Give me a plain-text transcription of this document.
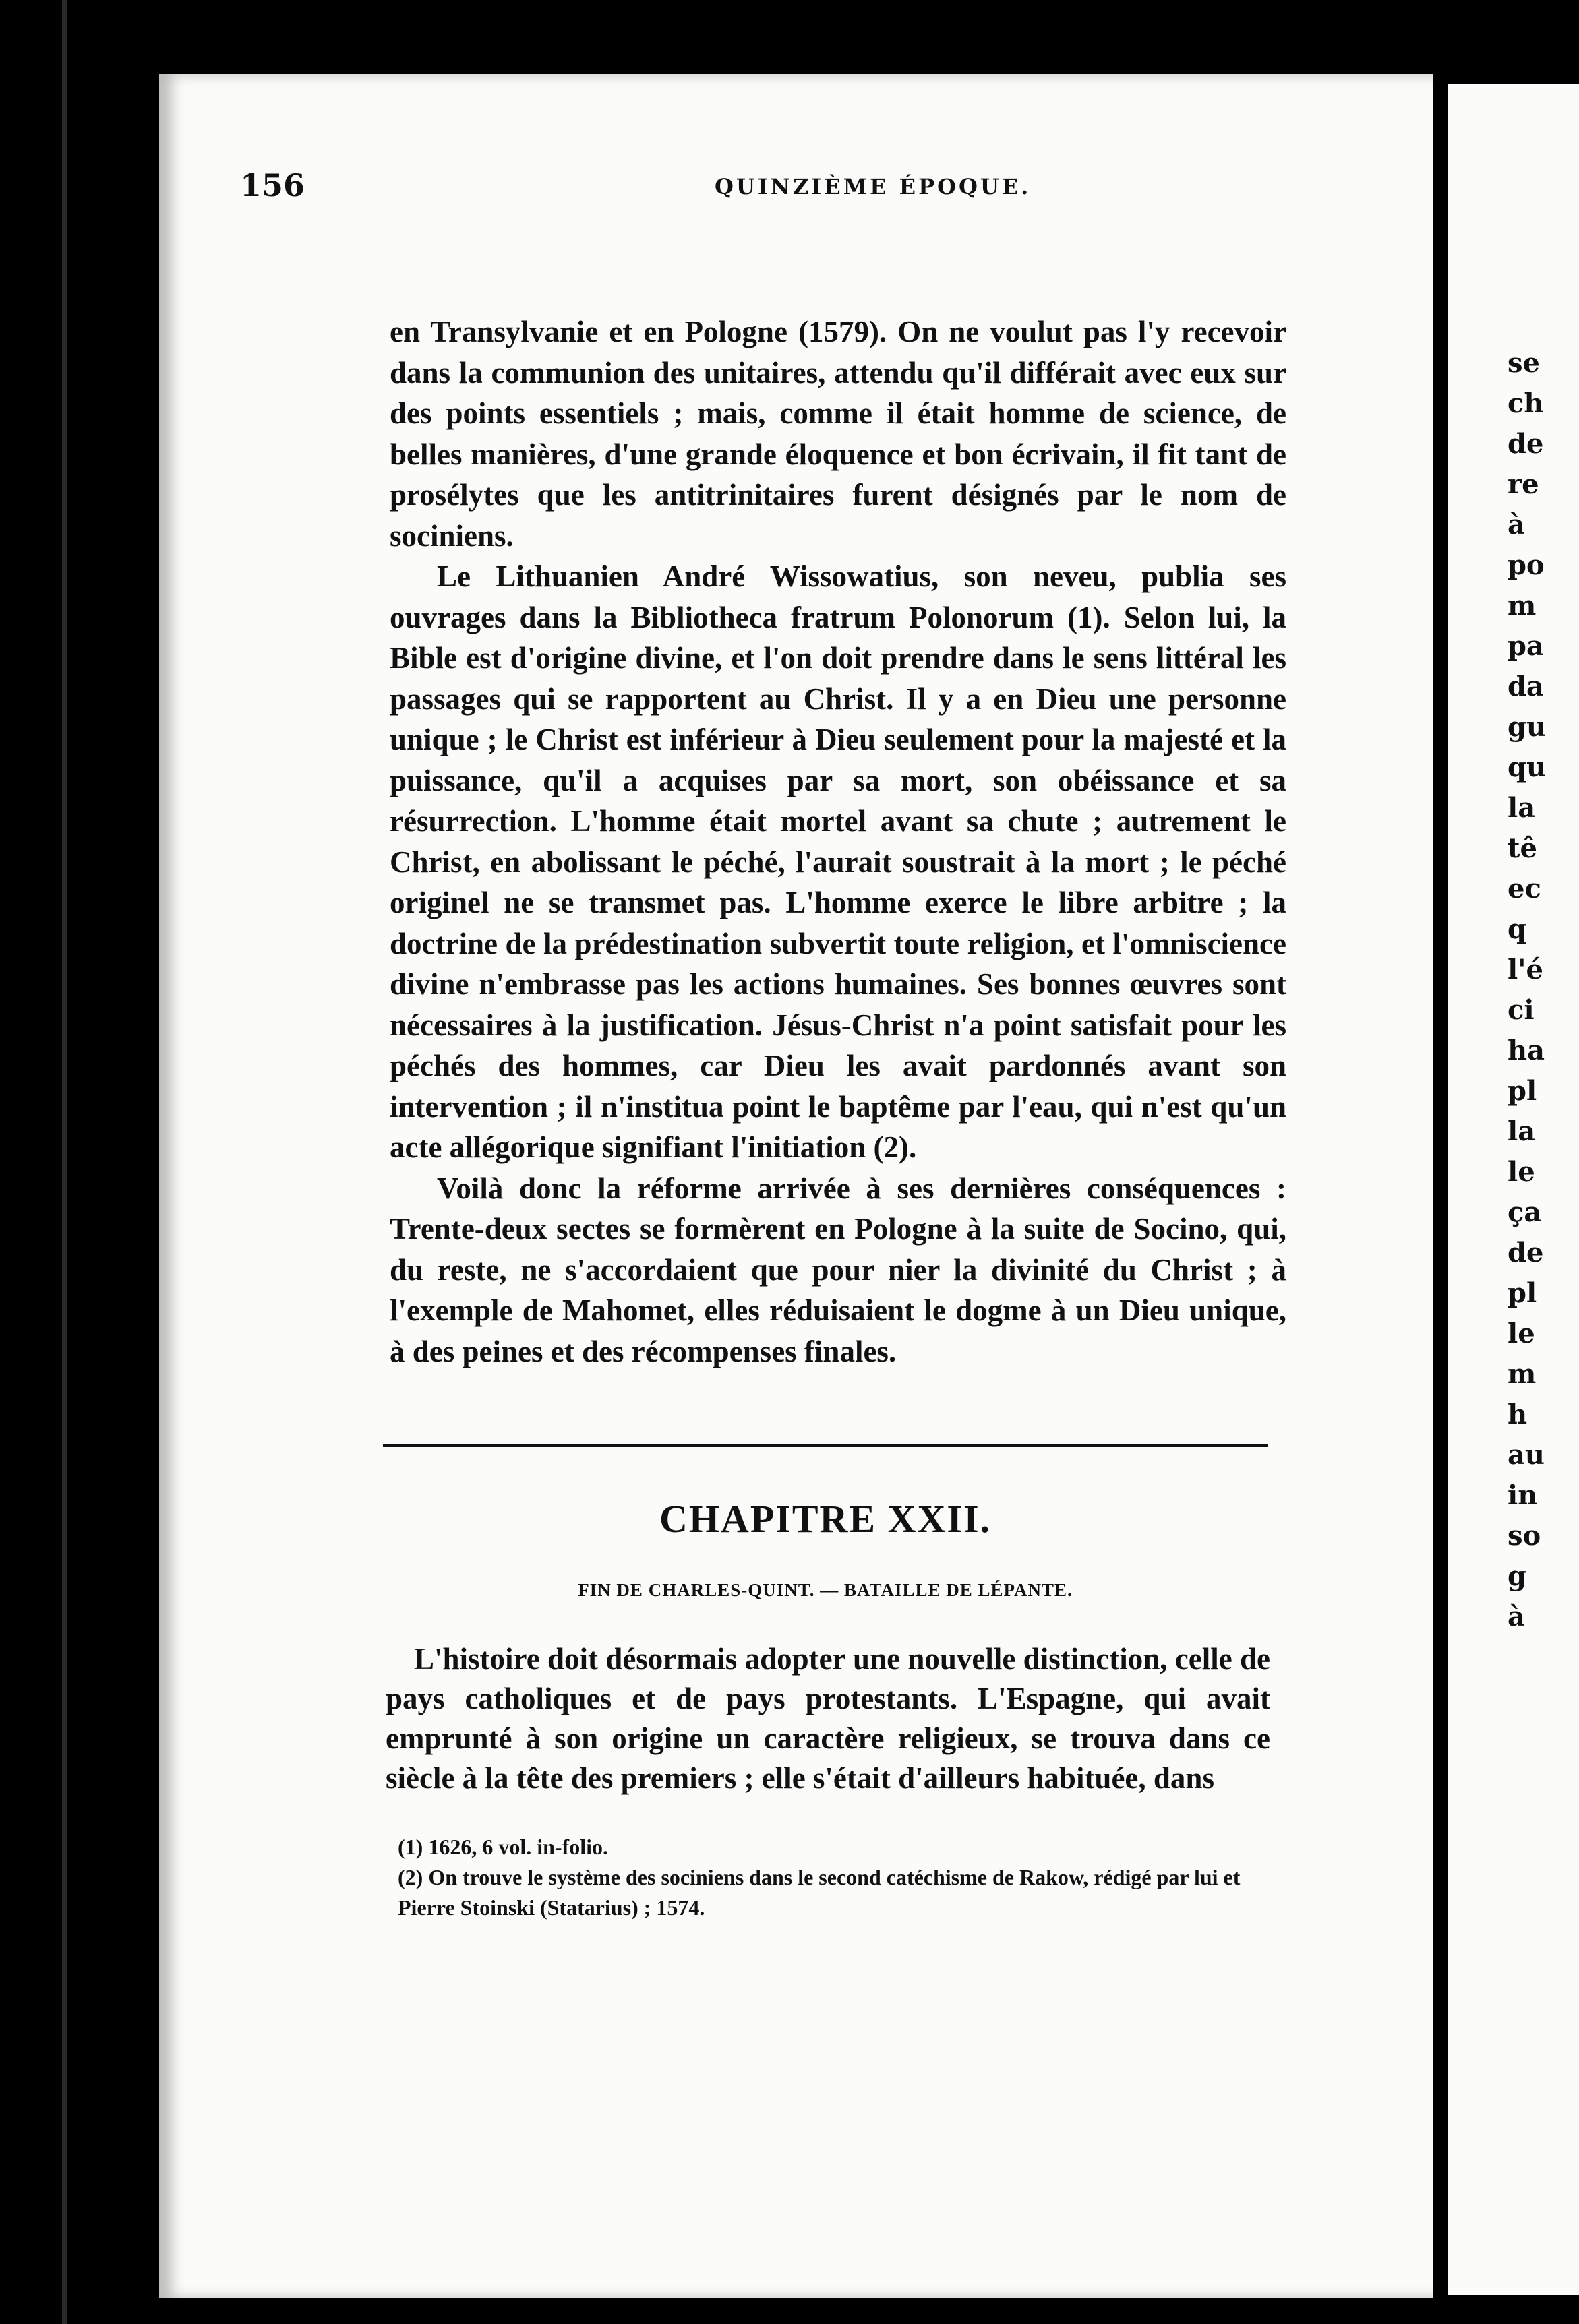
se
ch
de
re
à
po
m
pa
da
gu
qu
la
tê
ec
q
l'é
ci
ha
pl
la
le
ça
de
pl
le
m
h
au
in
so
g
à
156	QUINZIÈME ÉPOQUE.

en Transylvanie et en Pologne (1579). On ne voulut pas l'y recevoir dans la communion des unitaires, attendu qu'il différait avec eux sur des points essentiels ; mais, comme il était homme de science, de belles manières, d'une grande éloquence et bon écrivain, il fit tant de prosélytes que les antitrinitaires furent désignés par le nom de sociniens.

Le Lithuanien André Wissowatius, son neveu, publia ses ouvrages dans la Bibliotheca fratrum Polonorum (1). Selon lui, la Bible est d'origine divine, et l'on doit prendre dans le sens littéral les passages qui se rapportent au Christ. Il y a en Dieu une personne unique ; le Christ est inférieur à Dieu seulement pour la majesté et la puissance, qu'il a acquises par sa mort, son obéissance et sa résurrection. L'homme était mortel avant sa chute ; autrement le Christ, en abolissant le péché, l'aurait soustrait à la mort ; le péché originel ne se transmet pas. L'homme exerce le libre arbitre ; la doctrine de la prédestination subvertit toute religion, et l'omniscience divine n'embrasse pas les actions humaines. Ses bonnes œuvres sont nécessaires à la justification. Jésus-Christ n'a point satisfait pour les péchés des hommes, car Dieu les avait pardonnés avant son intervention ; il n'institua point le baptême par l'eau, qui n'est qu'un acte allégorique signifiant l'initiation (2).

Voilà donc la réforme arrivée à ses dernières conséquences : Trente-deux sectes se formèrent en Pologne à la suite de Socino, qui, du reste, ne s'accordaient que pour nier la divinité du Christ ; à l'exemple de Mahomet, elles réduisaient le dogme à un Dieu unique, à des peines et des récompenses finales.

CHAPITRE XXII.
FIN DE CHARLES-QUINT. — BATAILLE DE LÉPANTE.

L'histoire doit désormais adopter une nouvelle distinction, celle de pays catholiques et de pays protestants. L'Espagne, qui avait emprunté à son origine un caractère religieux, se trouva dans ce siècle à la tête des premiers ; elle s'était d'ailleurs habituée, dans

(1) 1626, 6 vol. in-folio.

(2) On trouve le système des sociniens dans le second catéchisme de Rakow, rédigé par lui et Pierre Stoinski (Statarius) ; 1574.
